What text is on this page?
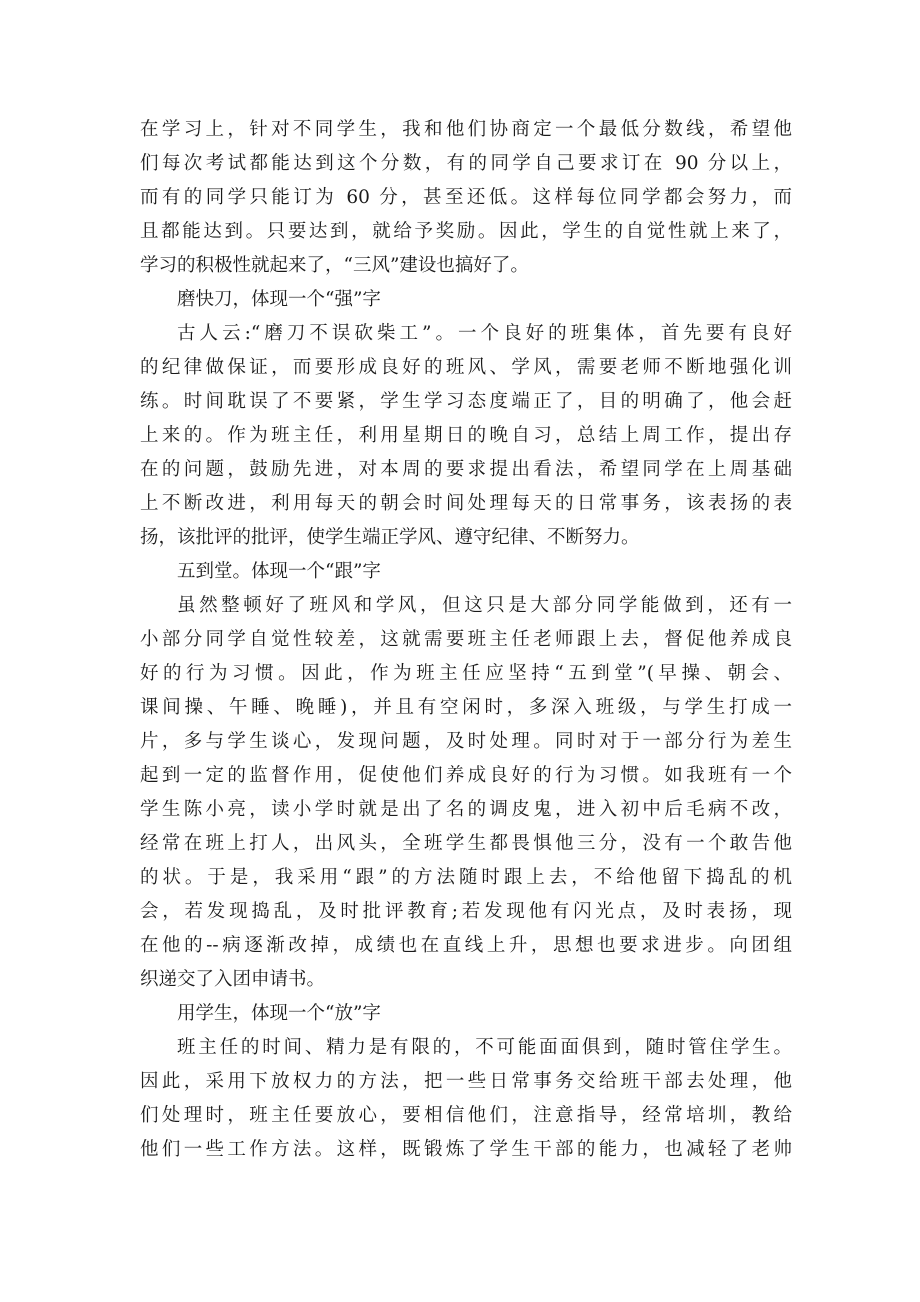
在学习上，针对不同学生，我和他们协商定一个最低分数线，希望他
们每次考试都能达到这个分数，有的同学自己要求订在 90 分以上，
而有的同学只能订为 60 分，甚至还低。这样每位同学都会努力，而
且都能达到。只要达到，就给予奖励。因此，学生的自觉性就上来了，
学习的积极性就起来了，“三风”建设也搞好了。
磨快刀，体现一个“强”字
古人云:“磨刀不误砍柴工”。一个良好的班集体，首先要有良好
的纪律做保证，而要形成良好的班风、学风，需要老师不断地强化训
练。时间耽误了不要紧，学生学习态度端正了，目的明确了，他会赶
上来的。作为班主任，利用星期日的晚自习，总结上周工作，提出存
在的问题，鼓励先进，对本周的要求提出看法，希望同学在上周基础
上不断改进，利用每天的朝会时间处理每天的日常事务，该表扬的表
扬，该批评的批评，使学生端正学风、遵守纪律、不断努力。
五到堂。体现一个“跟”字
虽然整顿好了班风和学风，但这只是大部分同学能做到，还有一
小部分同学自觉性较差，这就需要班主任老师跟上去，督促他养成良
好的行为习惯。因此，作为班主任应坚持“五到堂”(早操、朝会、
课间操、午睡、晚睡)，并且有空闲时，多深入班级，与学生打成一
片，多与学生谈心，发现问题，及时处理。同时对于一部分行为差生
起到一定的监督作用，促使他们养成良好的行为习惯。如我班有一个
学生陈小亮，读小学时就是出了名的调皮鬼，进入初中后毛病不改，
经常在班上打人，出风头，全班学生都畏惧他三分，没有一个敢告他
的状。于是，我采用“跟”的方法随时跟上去，不给他留下捣乱的机
会，若发现捣乱，及时批评教育;若发现他有闪光点，及时表扬，现
在他的--病逐渐改掉，成绩也在直线上升，思想也要求进步。向团组
织递交了入团申请书。
用学生，体现一个“放”字
班主任的时间、精力是有限的，不可能面面俱到，随时管住学生。
因此，采用下放权力的方法，把一些日常事务交给班干部去处理，他
们处理时，班主任要放心，要相信他们，注意指导，经常培圳，教给
他们一些工作方法。这样，既锻炼了学生干部的能力，也减轻了老帅
